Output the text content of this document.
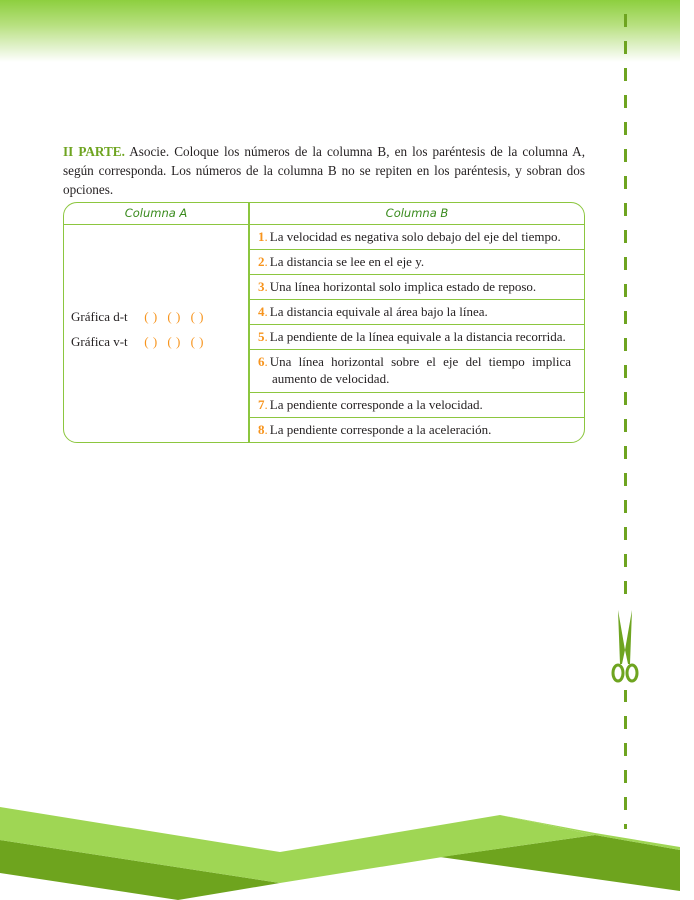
II PARTE. Asocie. Coloque los números de la columna B, en los paréntesis de la columna A, según corresponda. Los números de la columna B no se repiten en los paréntesis, y sobran dos opciones.
Columna A	Columna B
Gráfica d-t ( ) ( ) ( )
Gráfica v-t ( ) ( ) ( )
1. La velocidad es negativa solo debajo del eje del tiempo.
2. La distancia se lee en el eje y.
3. Una línea horizontal solo implica estado de reposo.
4. La distancia equivale al área bajo la línea.
5. La pendiente de la línea equivale a la distancia recorrida.
6. Una línea horizontal sobre el eje del tiempo implica
aumento de velocidad.
7. La pendiente corresponde a la velocidad.
8. La pendiente corresponde a la aceleración.
